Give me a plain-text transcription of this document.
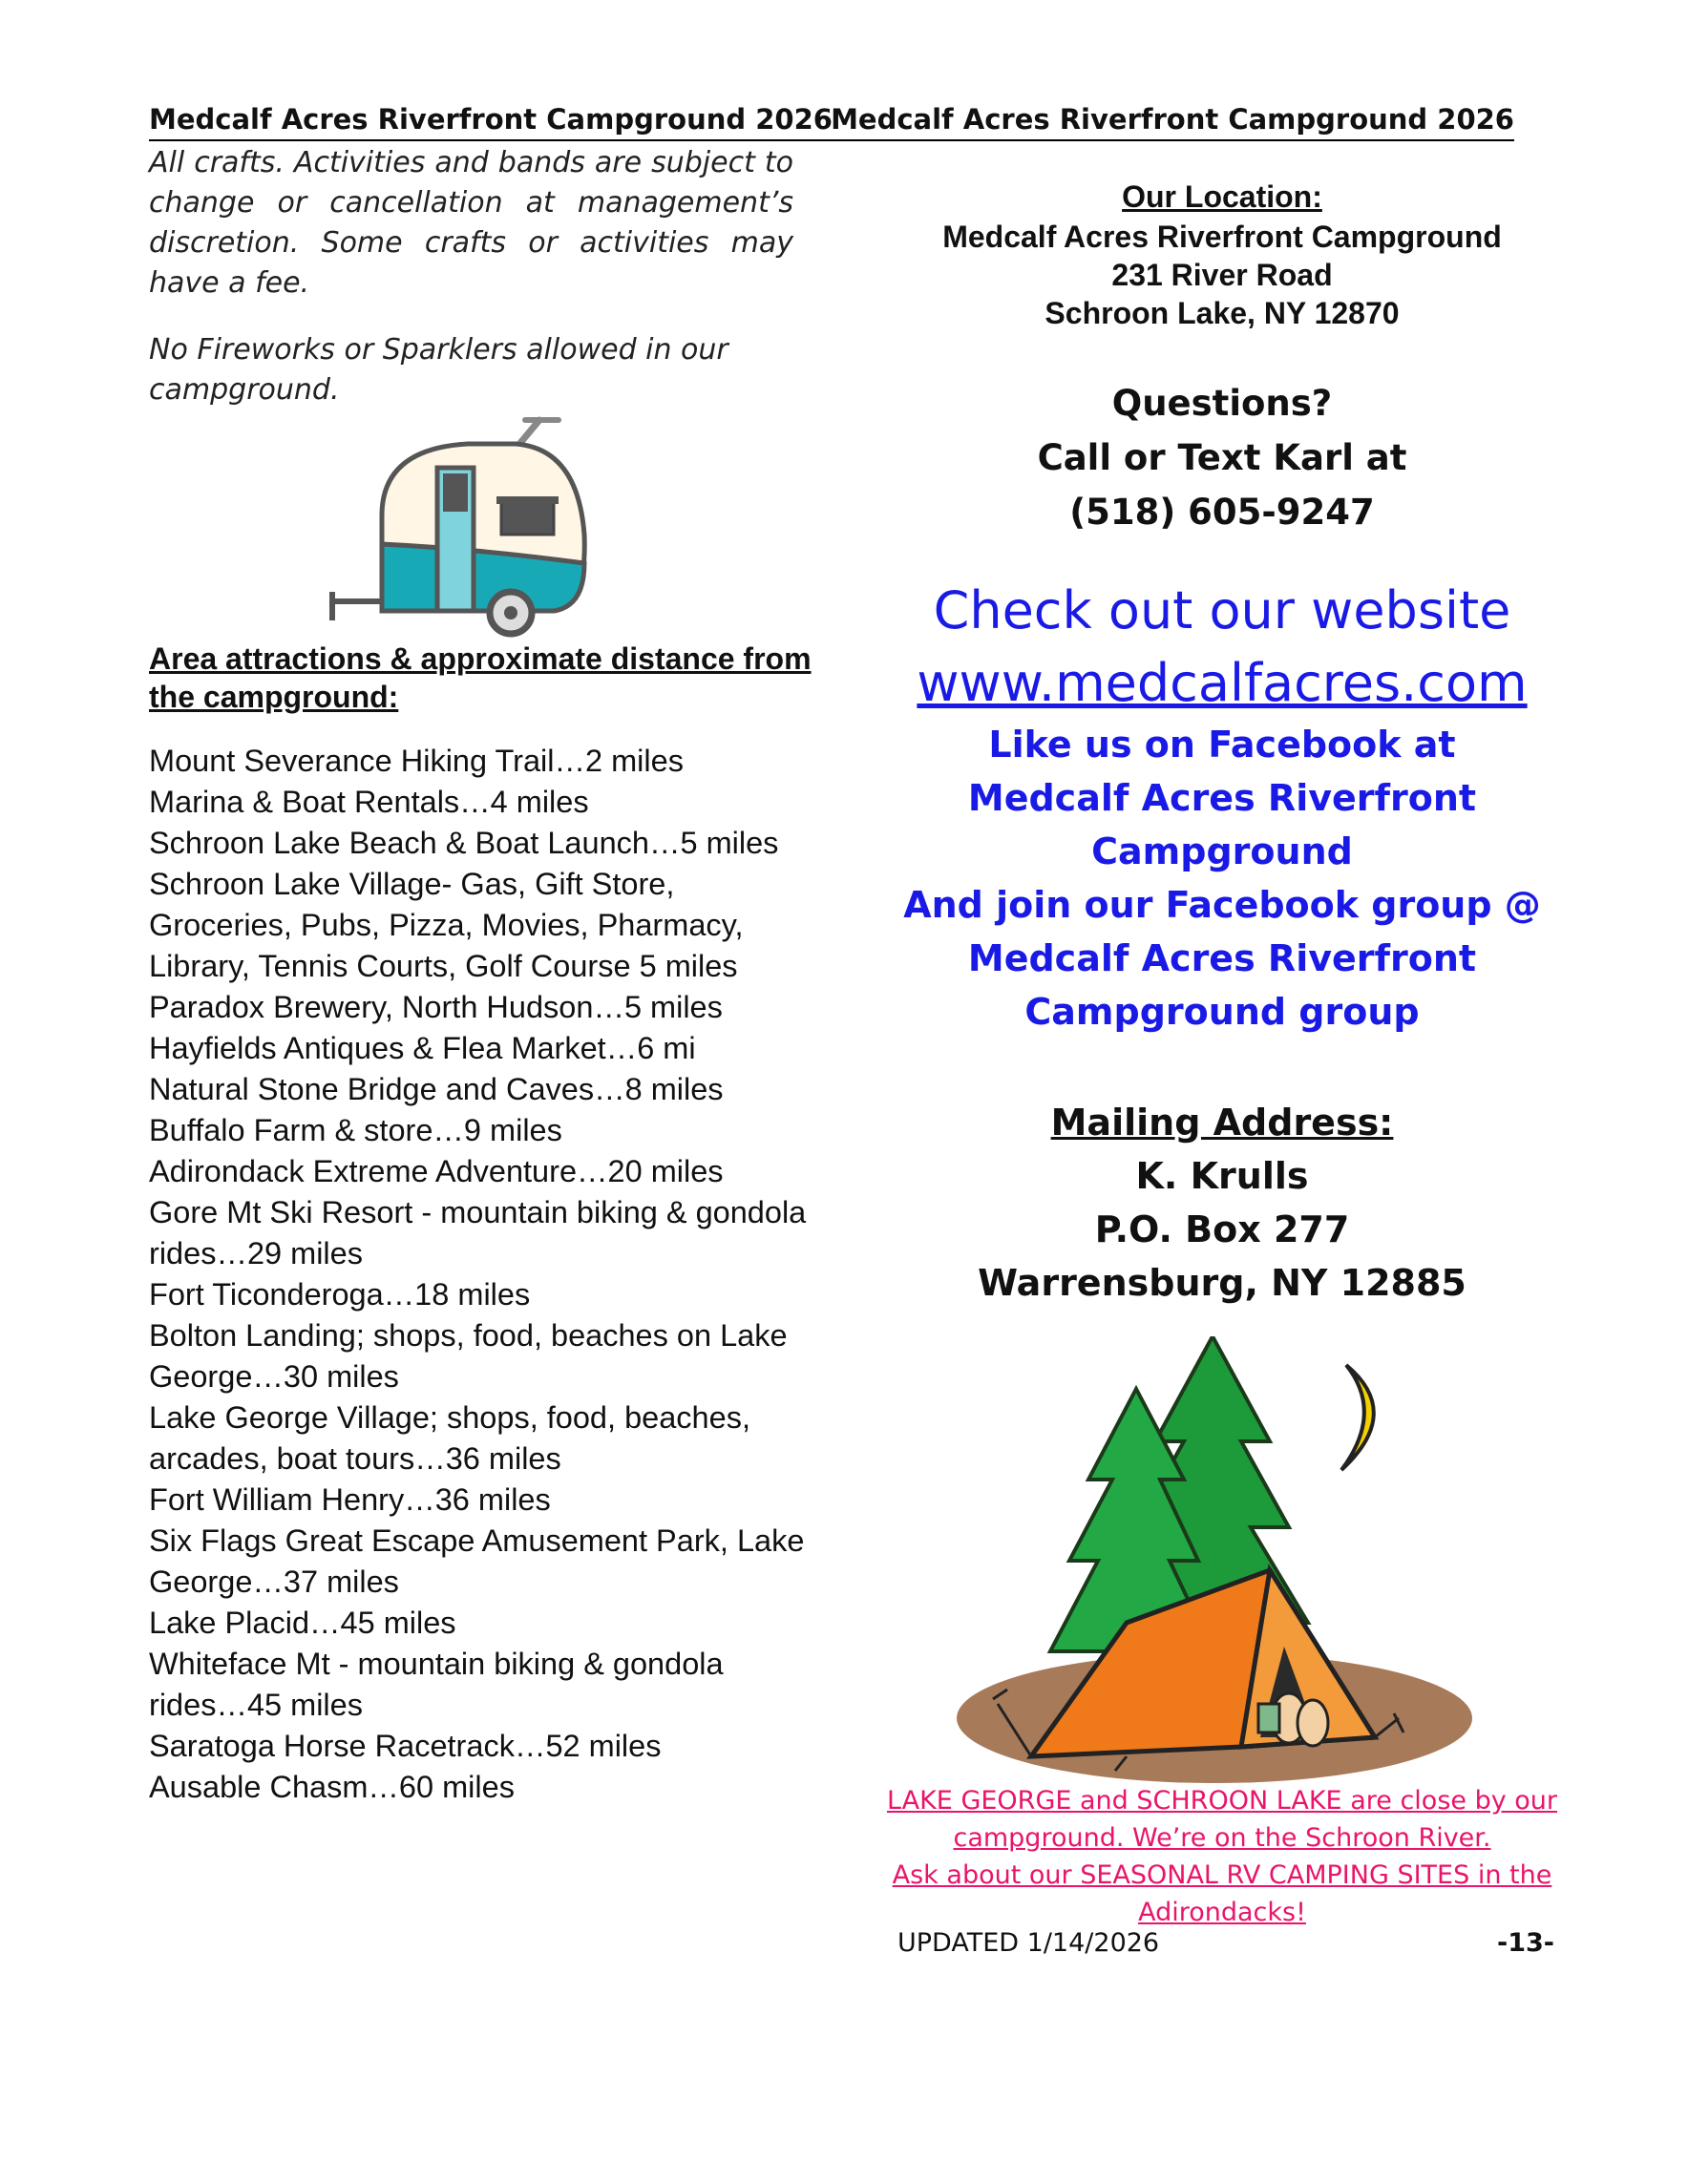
Medcalf Acres Riverfront Campground 2026
Medcalf Acres Riverfront Campground 2026

All crafts. Activities and bands are subject to change or cancellation at management’s discretion. Some crafts or activities may have a fee.

No Fireworks or Sparklers allowed in our campground.

Area attractions & approximate distance from the campground:
Mount Severance Hiking Trail…2 miles
Marina & Boat Rentals…4 miles
Schroon Lake Beach & Boat Launch…5 miles
Schroon Lake Village- Gas, Gift Store, Groceries, Pubs, Pizza, Movies, Pharmacy, Library, Tennis Courts, Golf Course 5 miles
Paradox Brewery, North Hudson…5 miles
Hayfields Antiques & Flea Market…6 mi
Natural Stone Bridge and Caves…8 miles
Buffalo Farm & store…9 miles
Adirondack Extreme Adventure…20 miles
Gore Mt Ski Resort - mountain biking & gondola rides…29 miles
Fort Ticonderoga…18 miles
Bolton Landing; shops, food, beaches on Lake George…30 miles
Lake George Village; shops, food, beaches, arcades, boat tours…36 miles
Fort William Henry…36 miles
Six Flags Great Escape Amusement Park, Lake George…37 miles
Lake Placid…45 miles
Whiteface Mt - mountain biking & gondola rides…45 miles
Saratoga Horse Racetrack…52 miles
Ausable Chasm…60 miles
Our Location:
Medcalf Acres Riverfront Campground
231 River Road
Schroon Lake, NY 12870
Questions?
Call or Text Karl at
(518) 605-9247
Check out our website
www.medcalfacres.com
Like us on Facebook at
Medcalf Acres Riverfront
Campground
And join our Facebook group @
Medcalf Acres Riverfront
Campground group
Mailing Address:
K. Krulls
P.O. Box 277
Warrensburg, NY 12885
LAKE GEORGE and SCHROON LAKE are close by our
campground. We’re on the Schroon River.
Ask about our SEASONAL RV CAMPING SITES in the
Adirondacks!
UPDATED 1/14/2026	-13-
